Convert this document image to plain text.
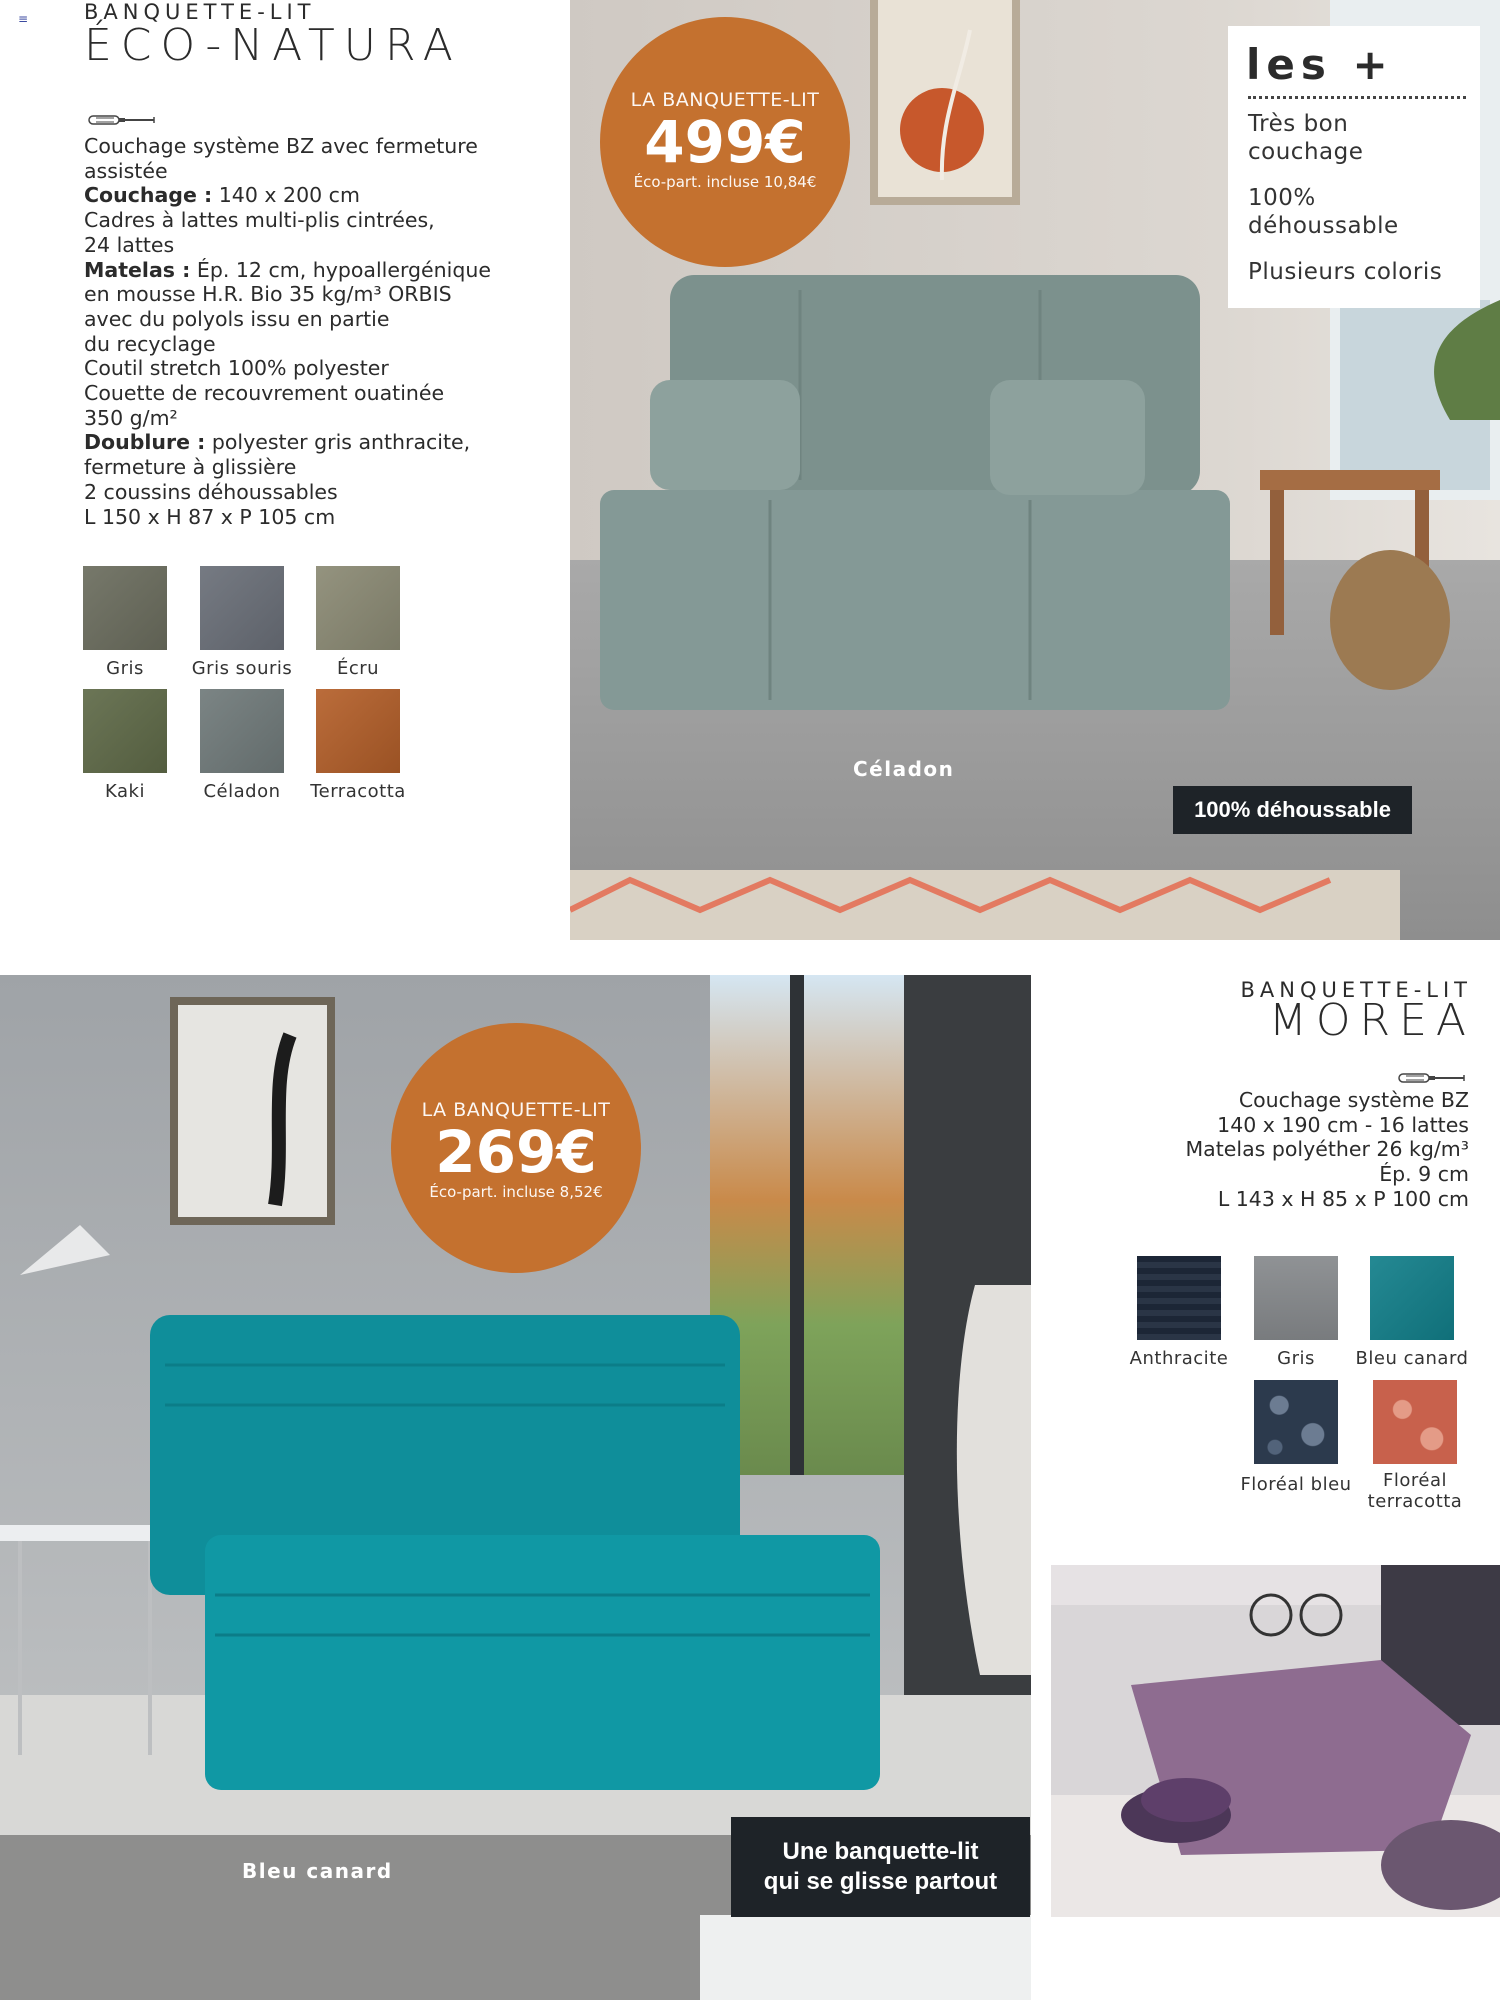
≡	BANQUETTE-LIT
ÉCO-NATURA
Couchage système BZ avec fermeture
assistée
Couchage : 140 x 200 cm
Cadres à lattes multi-plis cintrées,
24 lattes
Matelas : Ép. 12 cm, hypoallergénique
en mousse H.R. Bio 35 kg/m³ ORBIS
avec du polyols issu en partie
du recyclage
Coutil stretch 100% polyester
Couette de recouvrement ouatinée
350 g/m²
Doublure : polyester gris anthracite,
fermeture à glissière
2 coussins déhoussables
L 150 x H 87 x P 105 cm
Gris	Gris souris	Écru
Kaki	Céladon	Terracotta
LA BANQUETTE-LIT
499€
Éco-part. incluse 10,84€
les +
Très bon
couchage
100%
déhoussable
Plusieurs coloris
Céladon
100% déhoussable
LA BANQUETTE-LIT
269€
Éco-part. incluse 8,52€
Bleu canard
Une banquette-lit
qui se glisse partout
BANQUETTE-LIT
MOREA
Couchage système BZ
140 x 190 cm - 16 lattes
Matelas polyéther 26 kg/m³
Ép. 9 cm
L 143 x H 85 x P 100 cm
Anthracite	Gris	Bleu canard
Floréal bleu	Floréal
terracotta
